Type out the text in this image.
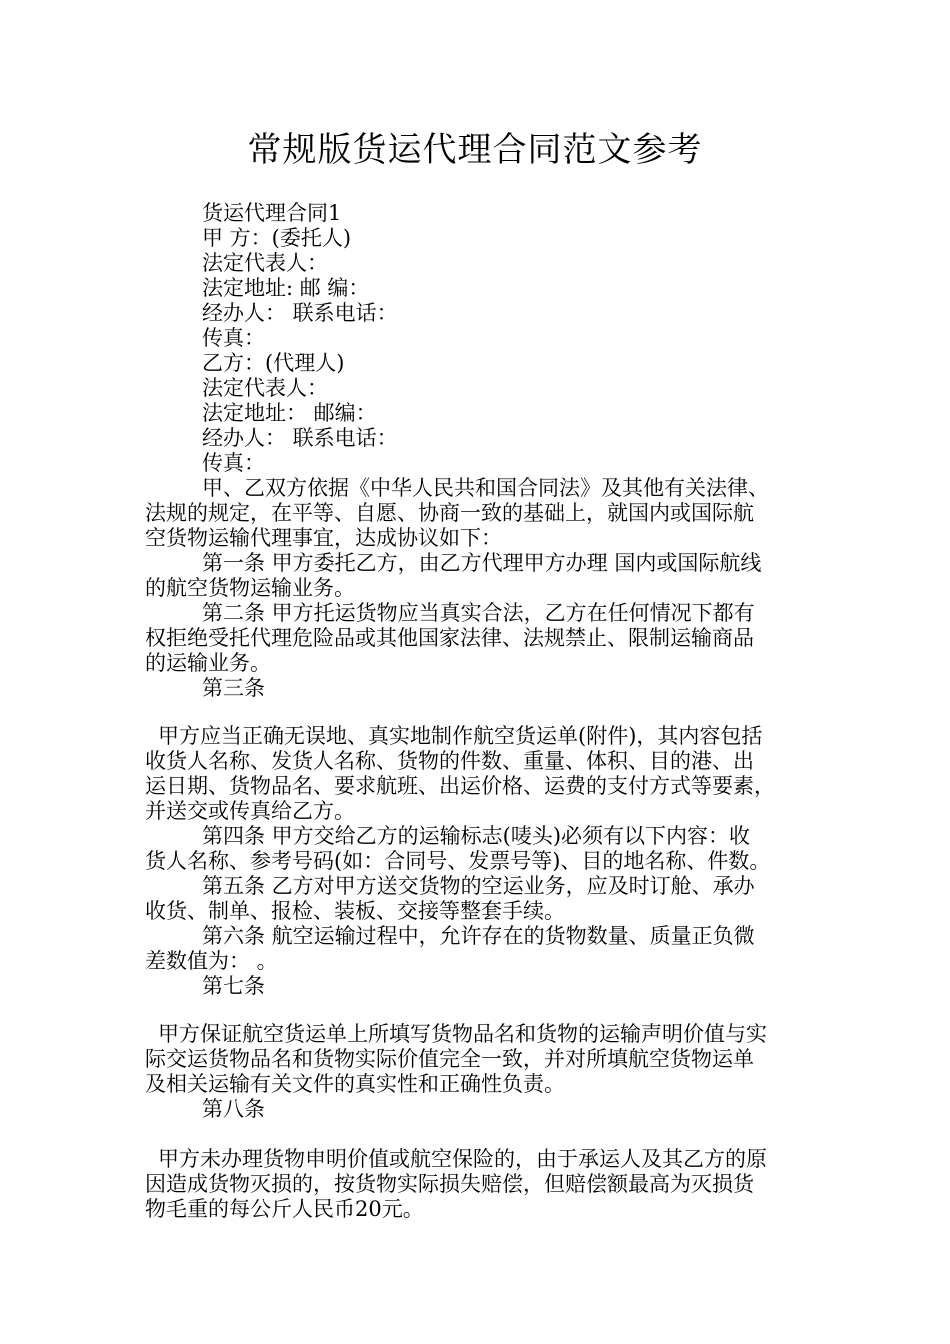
常规版货运代理合同范文参考
货运代理合同1
甲 方：(委托人)
法定代表人：
法定地址: 邮 编：
经办人： 联系电话：
传真：
乙方：(代理人)
法定代表人：
法定地址： 邮编：
经办人： 联系电话：
传真：
甲、乙双方依据《中华人民共和国合同法》及其他有关法律、
法规的规定，在平等、自愿、协商一致的基础上，就国内或国际航
空货物运输代理事宜，达成协议如下：
第一条 甲方委托乙方，由乙方代理甲方办理 国内或国际航线
的航空货物运输业务。
第二条 甲方托运货物应当真实合法，乙方在任何情况下都有
权拒绝受托代理危险品或其他国家法律、法规禁止、限制运输商品
的运输业务。
第三条
甲方应当正确无误地、真实地制作航空货运单(附件)，其内容包括
收货人名称、发货人名称、货物的件数、重量、体积、目的港、出
运日期、货物品名、要求航班、出运价格、运费的支付方式等要素，
并送交或传真给乙方。
第四条 甲方交给乙方的运输标志(唛头)必须有以下内容：收
货人名称、参考号码(如：合同号、发票号等)、目的地名称、件数。
第五条 乙方对甲方送交货物的空运业务，应及时订舱、承办
收货、制单、报检、装板、交接等整套手续。
第六条 航空运输过程中，允许存在的货物数量、质量正负微
差数值为： 。
第七条
甲方保证航空货运单上所填写货物品名和货物的运输声明价值与实
际交运货物品名和货物实际价值完全一致，并对所填航空货物运单
及相关运输有关文件的真实性和正确性负责。
第八条
甲方未办理货物申明价值或航空保险的，由于承运人及其乙方的原
因造成货物灭损的，按货物实际损失赔偿，但赔偿额最高为灭损货
物毛重的每公斤人民币20元。
